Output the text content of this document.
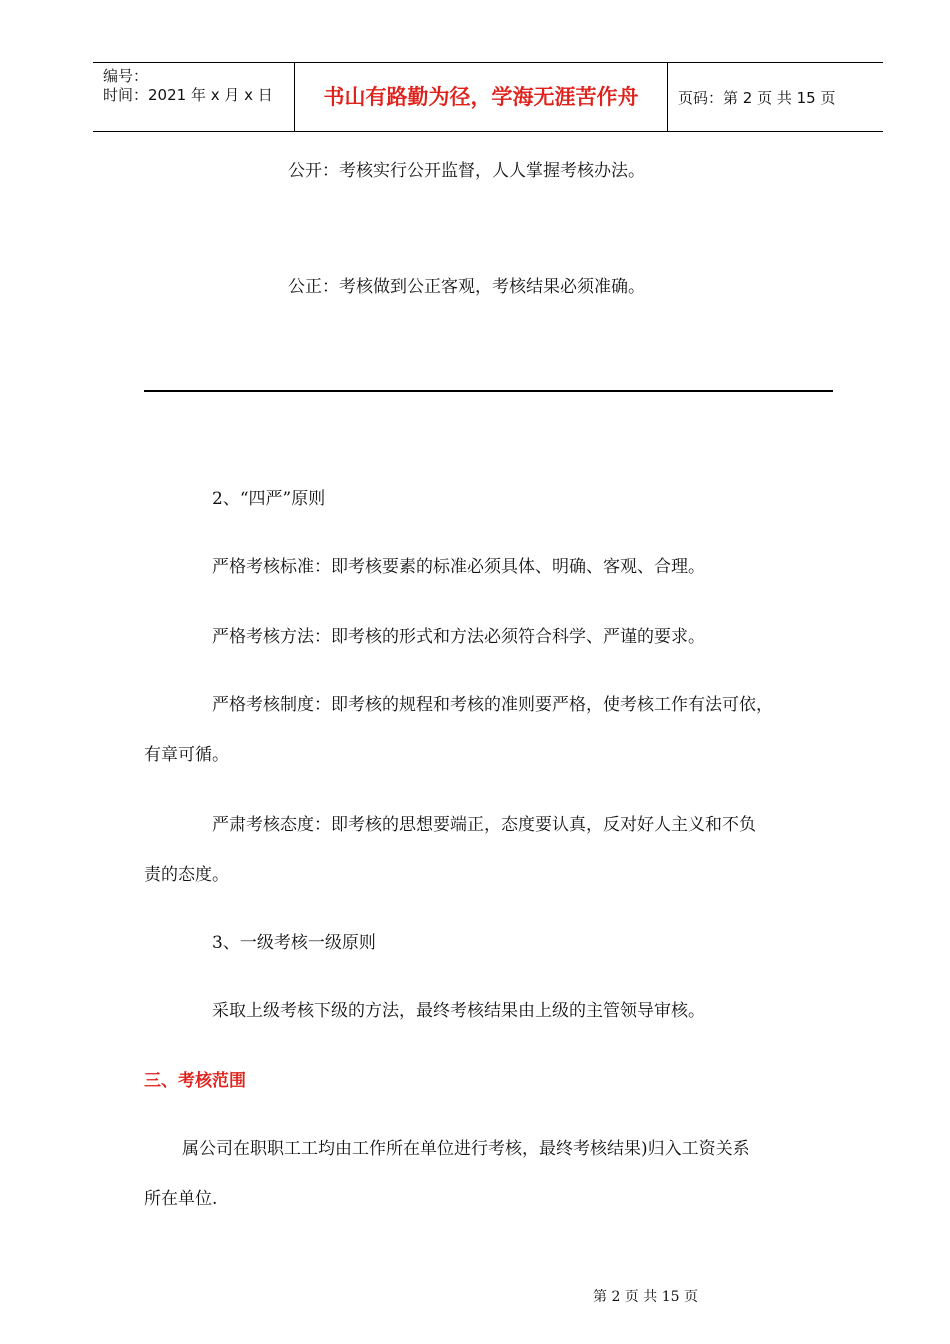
编号：
时间：2021 年 x 月 x 日	书山有路勤为径，学海无涯苦作舟	页码：第 2 页 共 15 页
公开：考核实行公开监督，人人掌握考核办法。
公正：考核做到公正客观，考核结果必须准确。
2、“四严”原则
严格考核标准：即考核要素的标准必须具体、明确、客观、合理。
严格考核方法：即考核的形式和方法必须符合科学、严谨的要求。
严格考核制度：即考核的规程和考核的准则要严格，使考核工作有法可依，
有章可循。
严肃考核态度：即考核的思想要端正，态度要认真，反对好人主义和不负
责的态度。
3、一级考核一级原则
采取上级考核下级的方法，最终考核结果由上级的主管领导审核。
三、考核范围
属公司在职职工工均由工作所在单位进行考核，最终考核结果)归入工资关系
所在单位.
第 2 页 共 15 页
